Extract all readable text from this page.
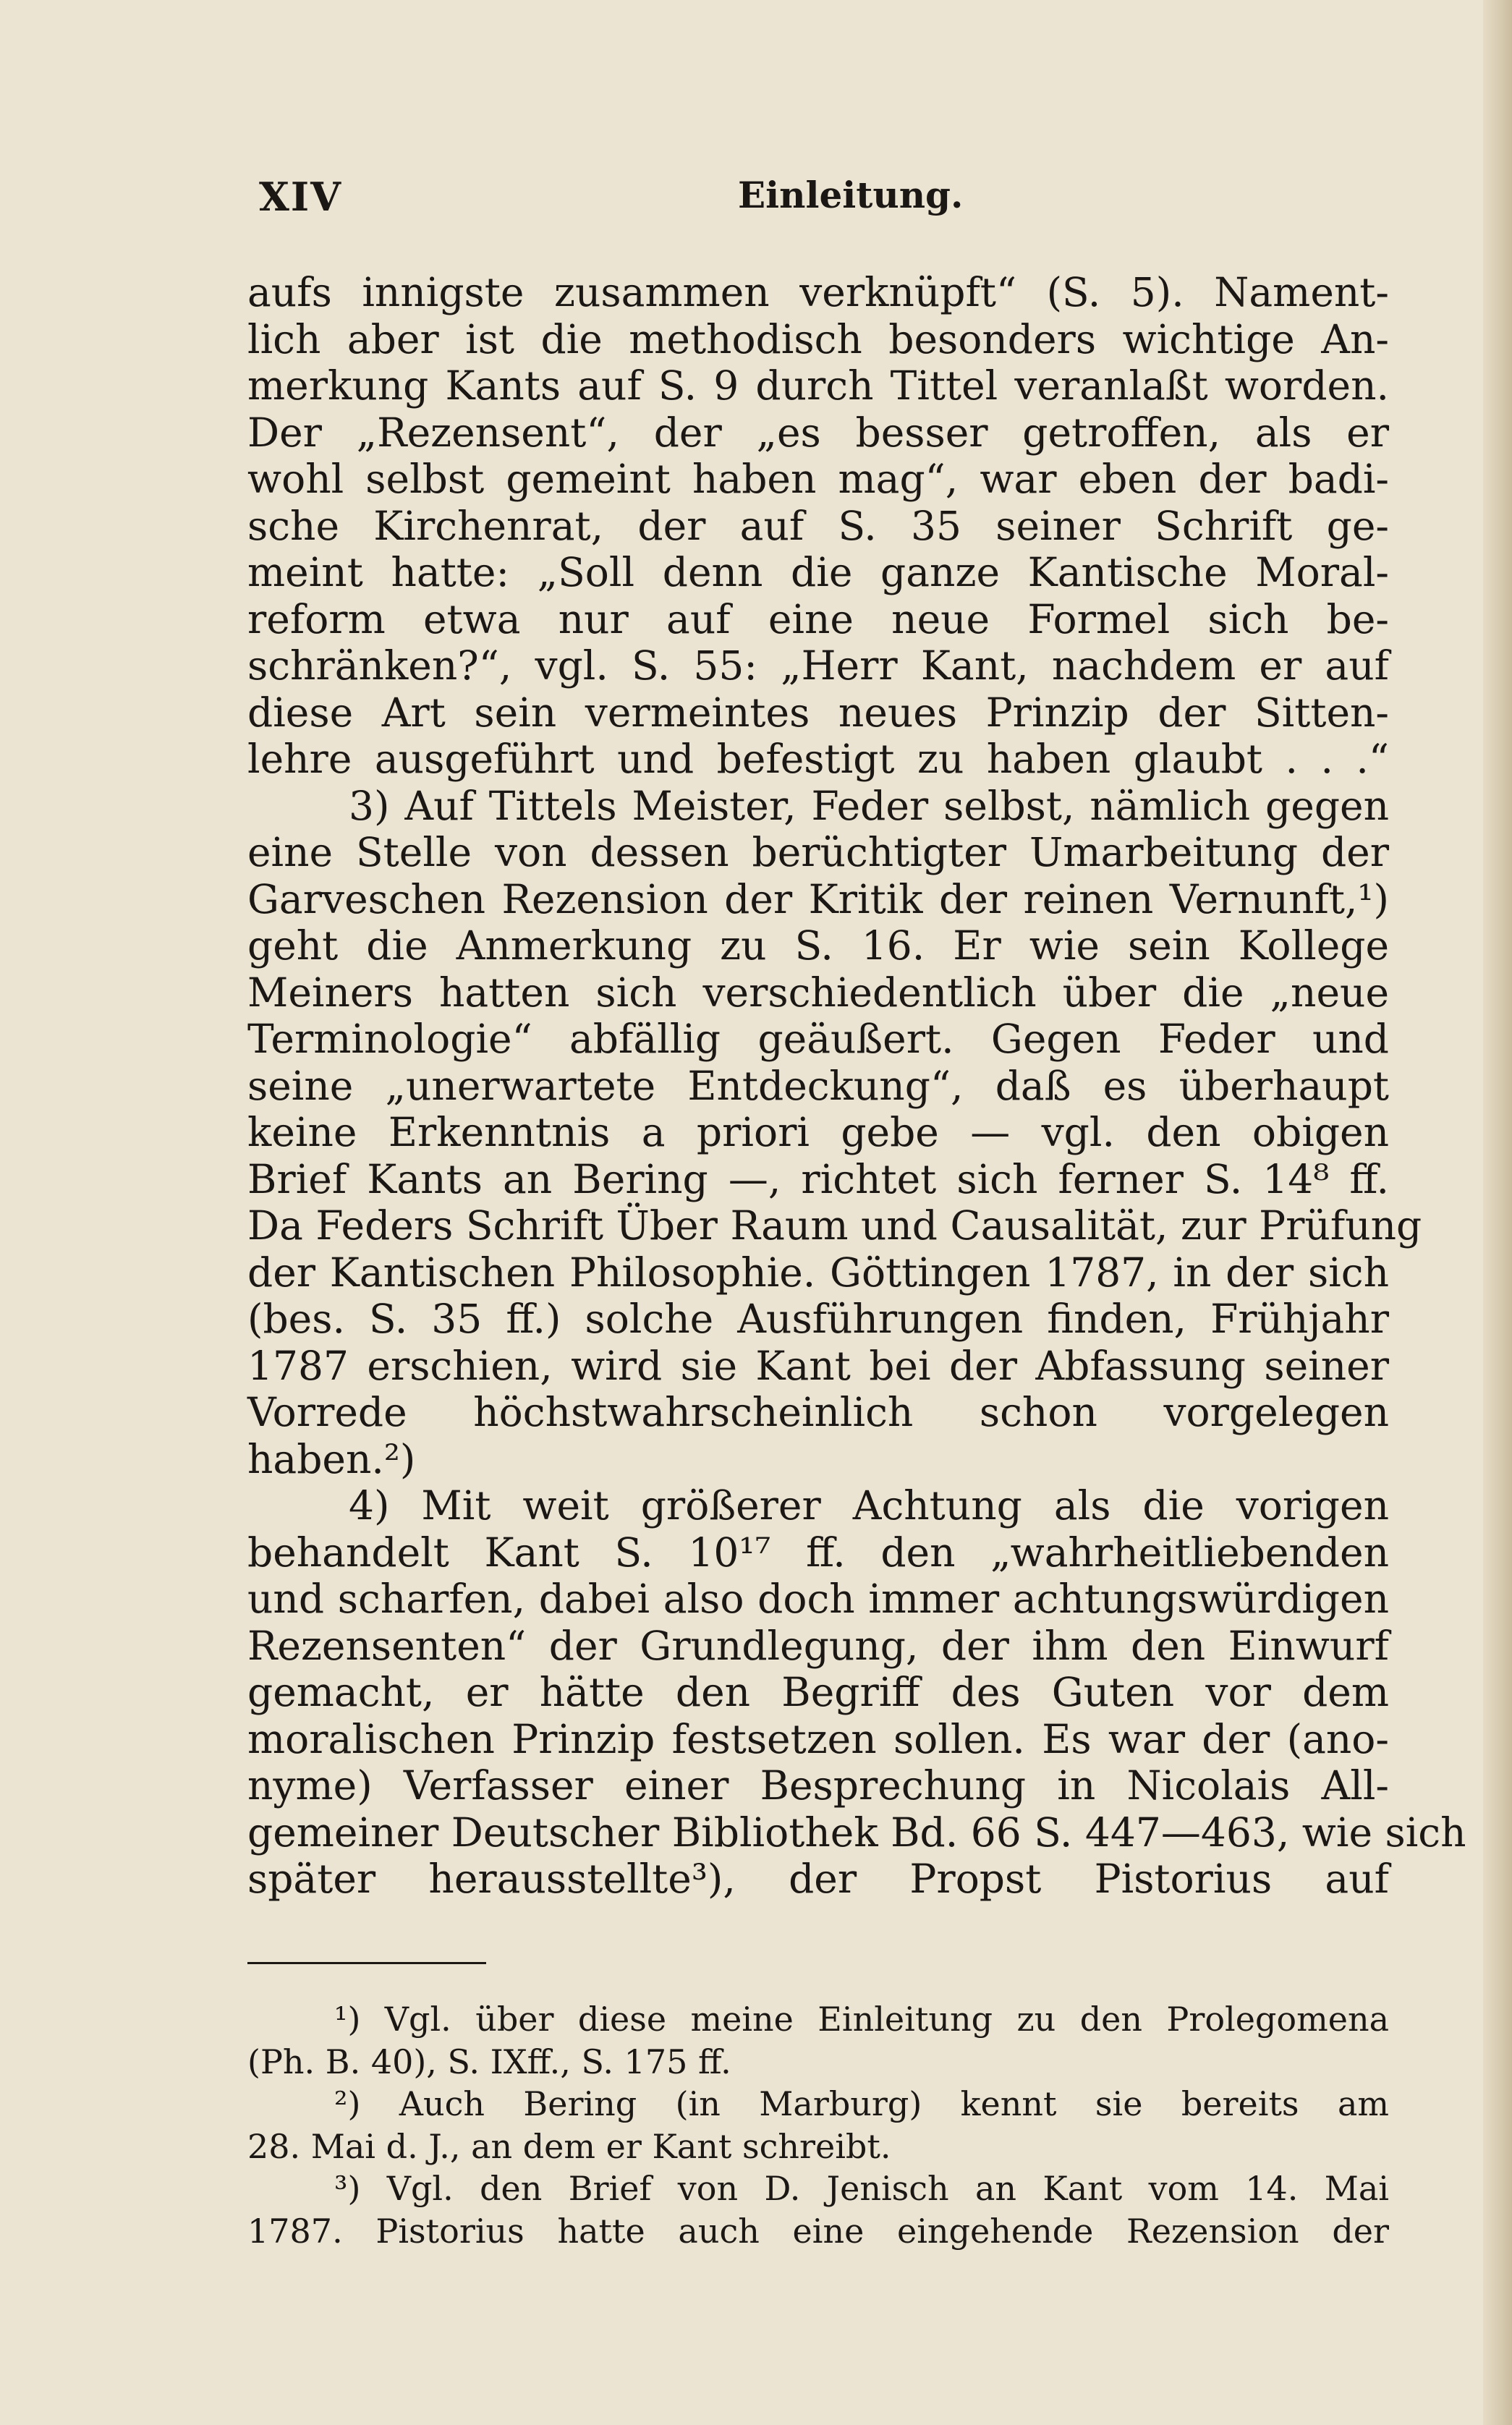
XIV	Einleitung.
aufs innigste zusammen verknüpft“ (S. 5). Nament-
lich aber ist die methodisch besonders wichtige An-
merkung Kants auf S. 9 durch Tittel veranlaßt worden.
Der „Rezensent“, der „es besser getroffen, als er
wohl selbst gemeint haben mag“, war eben der badi-
sche Kirchenrat, der auf S. 35 seiner Schrift ge-
meint hatte: „Soll denn die ganze Kantische Moral-
reform etwa nur auf eine neue Formel sich be-
schränken?“, vgl. S. 55: „Herr Kant, nachdem er auf
diese Art sein vermeintes neues Prinzip der Sitten-
lehre ausgeführt und befestigt zu haben glaubt . . .“
3) Auf Tittels Meister, Feder selbst, nämlich gegen
eine Stelle von dessen berüchtigter Umarbeitung der
Garveschen Rezension der Kritik der reinen Vernunft,¹)
geht die Anmerkung zu S. 16. Er wie sein Kollege
Meiners hatten sich verschiedentlich über die „neue
Terminologie“ abfällig geäußert. Gegen Feder und
seine „unerwartete Entdeckung“, daß es überhaupt
keine Erkenntnis a priori gebe — vgl. den obigen
Brief Kants an Bering —, richtet sich ferner S. 14⁸ ff.
Da Feders Schrift Über Raum und Causalität, zur Prüfung
der Kantischen Philosophie. Göttingen 1787, in der sich
(bes. S. 35 ff.) solche Ausführungen finden, Frühjahr
1787 erschien, wird sie Kant bei der Abfassung seiner
Vorrede höchstwahrscheinlich schon vorgelegen
haben.²)
4) Mit weit größerer Achtung als die vorigen
behandelt Kant S. 10¹⁷ ff. den „wahrheitliebenden
und scharfen, dabei also doch immer achtungswürdigen
Rezensenten“ der Grundlegung, der ihm den Einwurf
gemacht, er hätte den Begriff des Guten vor dem
moralischen Prinzip festsetzen sollen. Es war der (ano-
nyme) Verfasser einer Besprechung in Nicolais All-
gemeiner Deutscher Bibliothek Bd. 66 S. 447—463, wie sich
später herausstellte³), der Propst Pistorius auf
¹) Vgl. über diese meine Einleitung zu den Prolegomena
(Ph. B. 40), S. IXff., S. 175 ff.
²) Auch Bering (in Marburg) kennt sie bereits am
28. Mai d. J., an dem er Kant schreibt.
³) Vgl. den Brief von D. Jenisch an Kant vom 14. Mai
1787. Pistorius hatte auch eine eingehende Rezension der
